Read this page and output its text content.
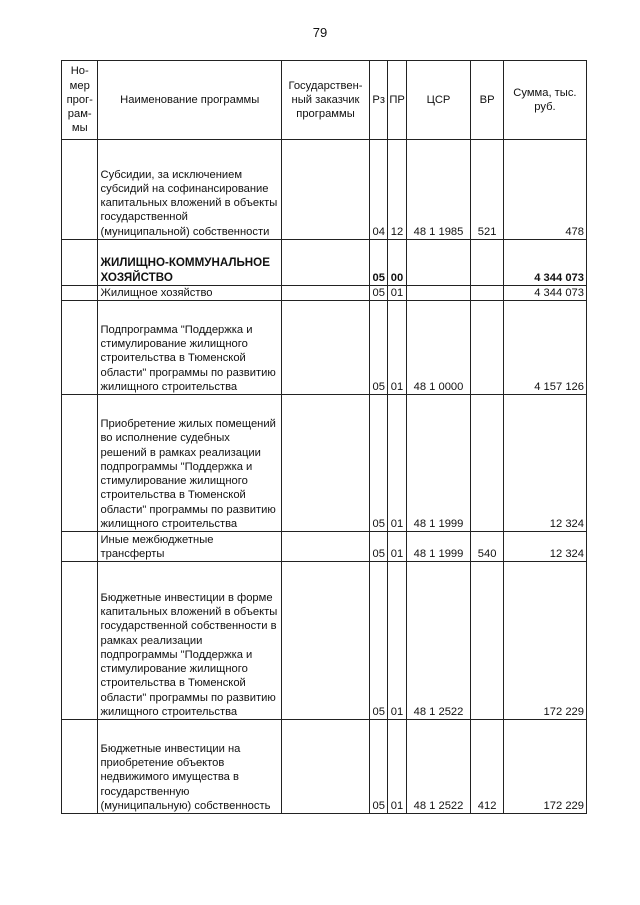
79
Но-мер прог-рам-мы	Наименование программы	Государствен-ный заказчик программы	Рз	ПР	ЦСР	ВР	Сумма, тыс. руб.
	Субсидии, за исключением субсидий на софинансирование капитальных вложений в объекты государственной (муниципальной) собственности		04	12	48 1 1985	521	478
	ЖИЛИЩНО-КОММУНАЛЬНОЕ ХОЗЯЙСТВО		05	00			4 344 073
	Жилищное хозяйство		05	01			4 344 073
	Подпрограмма "Поддержка и стимулирование жилищного строительства в Тюменской области" программы по развитию жилищного строительства		05	01	48 1 0000		4 157 126
	Приобретение жилых помещений во исполнение судебных решений в рамках реализации подпрограммы "Поддержка и стимулирование жилищного строительства в Тюменской области" программы по развитию жилищного строительства		05	01	48 1 1999		12 324
	Иные межбюджетные трансферты		05	01	48 1 1999	540	12 324
	Бюджетные инвестиции в форме капитальных вложений в объекты государственной собственности в рамках реализации подпрограммы "Поддержка и стимулирование жилищного строительства в Тюменской области" программы по развитию жилищного строительства		05	01	48 1 2522		172 229
	Бюджетные инвестиции на приобретение объектов недвижимого имущества в государственную (муниципальную) собственность		05	01	48 1 2522	412	172 229
